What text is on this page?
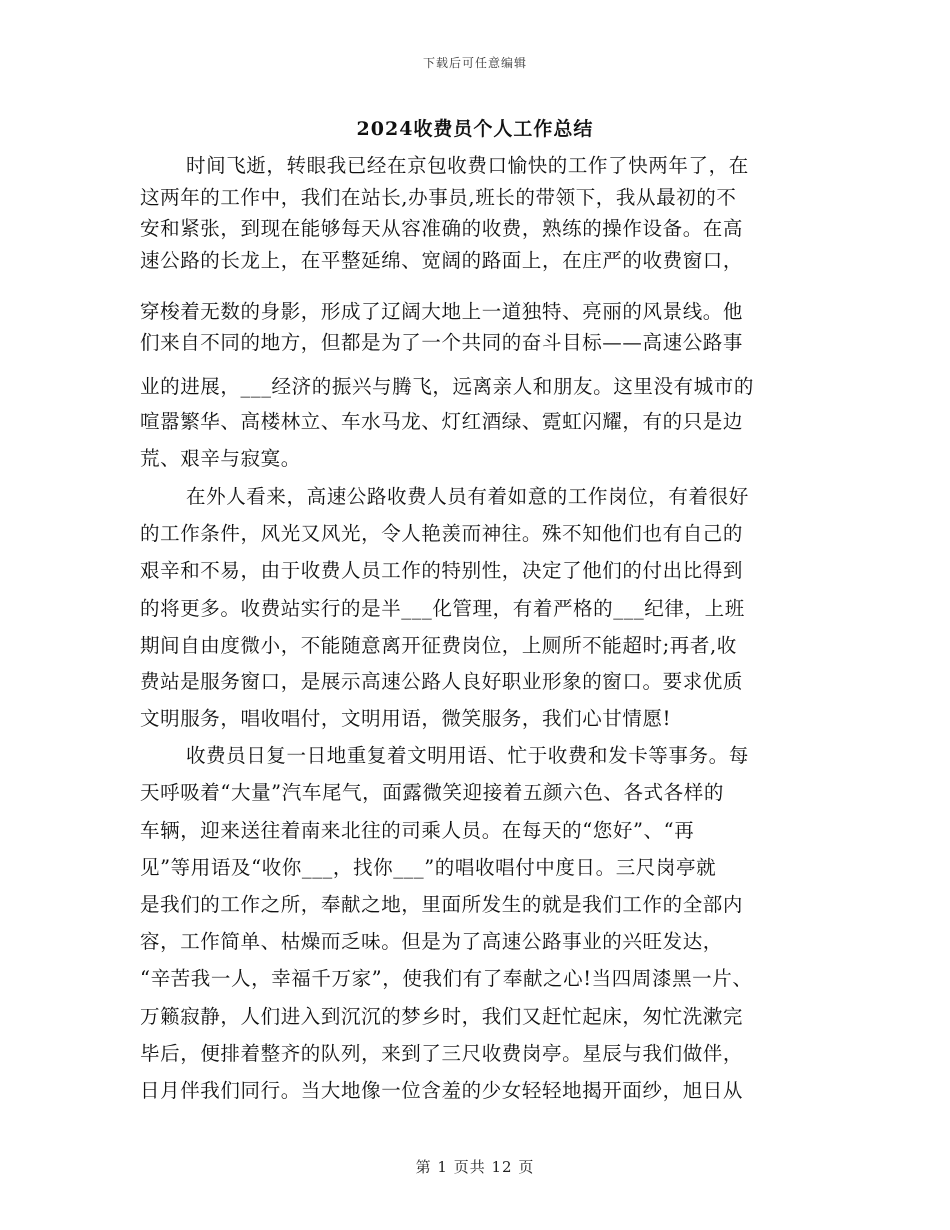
下载后可任意编辑
2024收费员个人工作总结
时间飞逝，转眼我已经在京包收费口愉快的工作了快两年了，在
这两年的工作中，我们在站长,办事员,班长的带领下，我从最初的不
安和紧张，到现在能够每天从容准确的收费，熟练的操作设备。在高
速公路的长龙上，在平整延绵、宽阔的路面上，在庄严的收费窗口，
穿梭着无数的身影，形成了辽阔大地上一道独特、亮丽的风景线。他
们来自不同的地方，但都是为了一个共同的奋斗目标——高速公路事
业的进展，___经济的振兴与腾飞，远离亲人和朋友。这里没有城市的
喧嚣繁华、高楼林立、车水马龙、灯红酒绿、霓虹闪耀，有的只是边
荒、艰辛与寂寞。
在外人看来，高速公路收费人员有着如意的工作岗位，有着很好
的工作条件，风光又风光，令人艳羡而神往。殊不知他们也有自己的
艰辛和不易，由于收费人员工作的特别性，决定了他们的付出比得到
的将更多。收费站实行的是半___化管理，有着严格的___纪律，上班
期间自由度微小，不能随意离开征费岗位，上厕所不能超时;再者,收
费站是服务窗口，是展示高速公路人良好职业形象的窗口。要求优质
文明服务，唱收唱付，文明用语，微笑服务，我们心甘情愿!
收费员日复一日地重复着文明用语、忙于收费和发卡等事务。每
天呼吸着“大量”汽车尾气，面露微笑迎接着五颜六色、各式各样的
车辆，迎来送往着南来北往的司乘人员。在每天的“您好”、“再
见”等用语及“收你___，找你___”的唱收唱付中度日。三尺岗亭就
是我们的工作之所，奉献之地，里面所发生的就是我们工作的全部内
容，工作简单、枯燥而乏味。但是为了高速公路事业的兴旺发达，
“辛苦我一人，幸福千万家”，使我们有了奉献之心!当四周漆黑一片、
万籁寂静，人们进入到沉沉的梦乡时，我们又赶忙起床，匆忙洗漱完
毕后，便排着整齐的队列，来到了三尺收费岗亭。星辰与我们做伴，
日月伴我们同行。当大地像一位含羞的少女轻轻地揭开面纱，旭日从
第 1 页共 12 页
